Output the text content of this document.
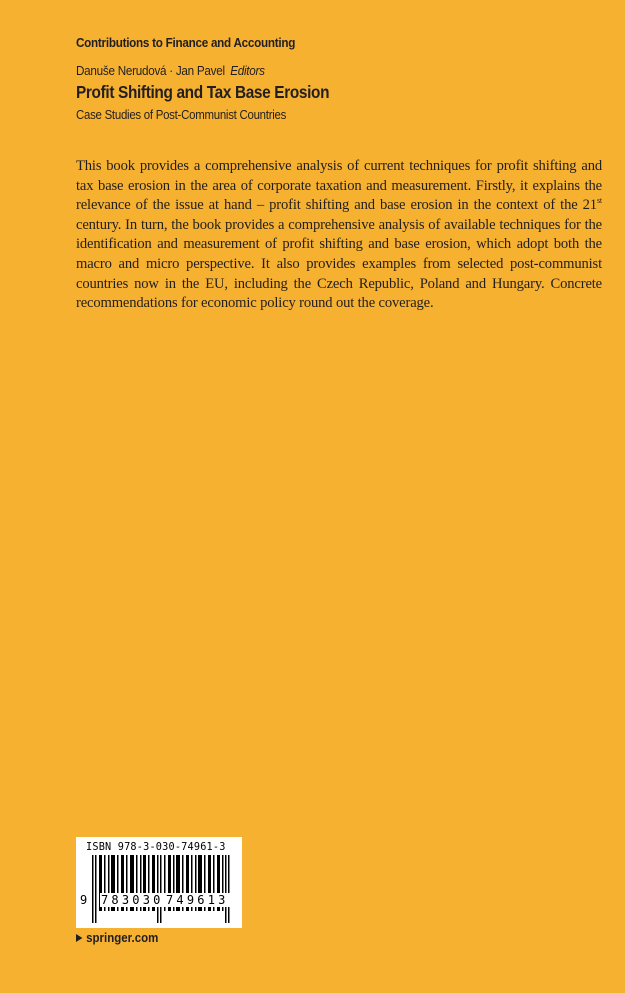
Contributions to Finance and Accounting
Danuše Nerudová · Jan Pavel Editors
Profit Shifting and Tax Base Erosion
Case Studies of Post-Communist Countries

This book provides a comprehensive analysis of current techniques for profit shifting and tax base erosion in the area of corporate taxation and measurement. Firstly, it explains the relevance of the issue at hand – profit shifting and base erosion in the context of the 21st century. In turn, the book provides a comprehensive analysis of available techniques for the identification and measurement of profit shifting and base erosion, which adopt both the macro and micro perspective. It also provides examples from selected post-communist countries now in the EU, including the Czech Republic, Poland and Hungary. Concrete recommendations for economic policy round out the coverage.

ISBN 978-3-030-74961-3
9 783030 749613
springer.com
